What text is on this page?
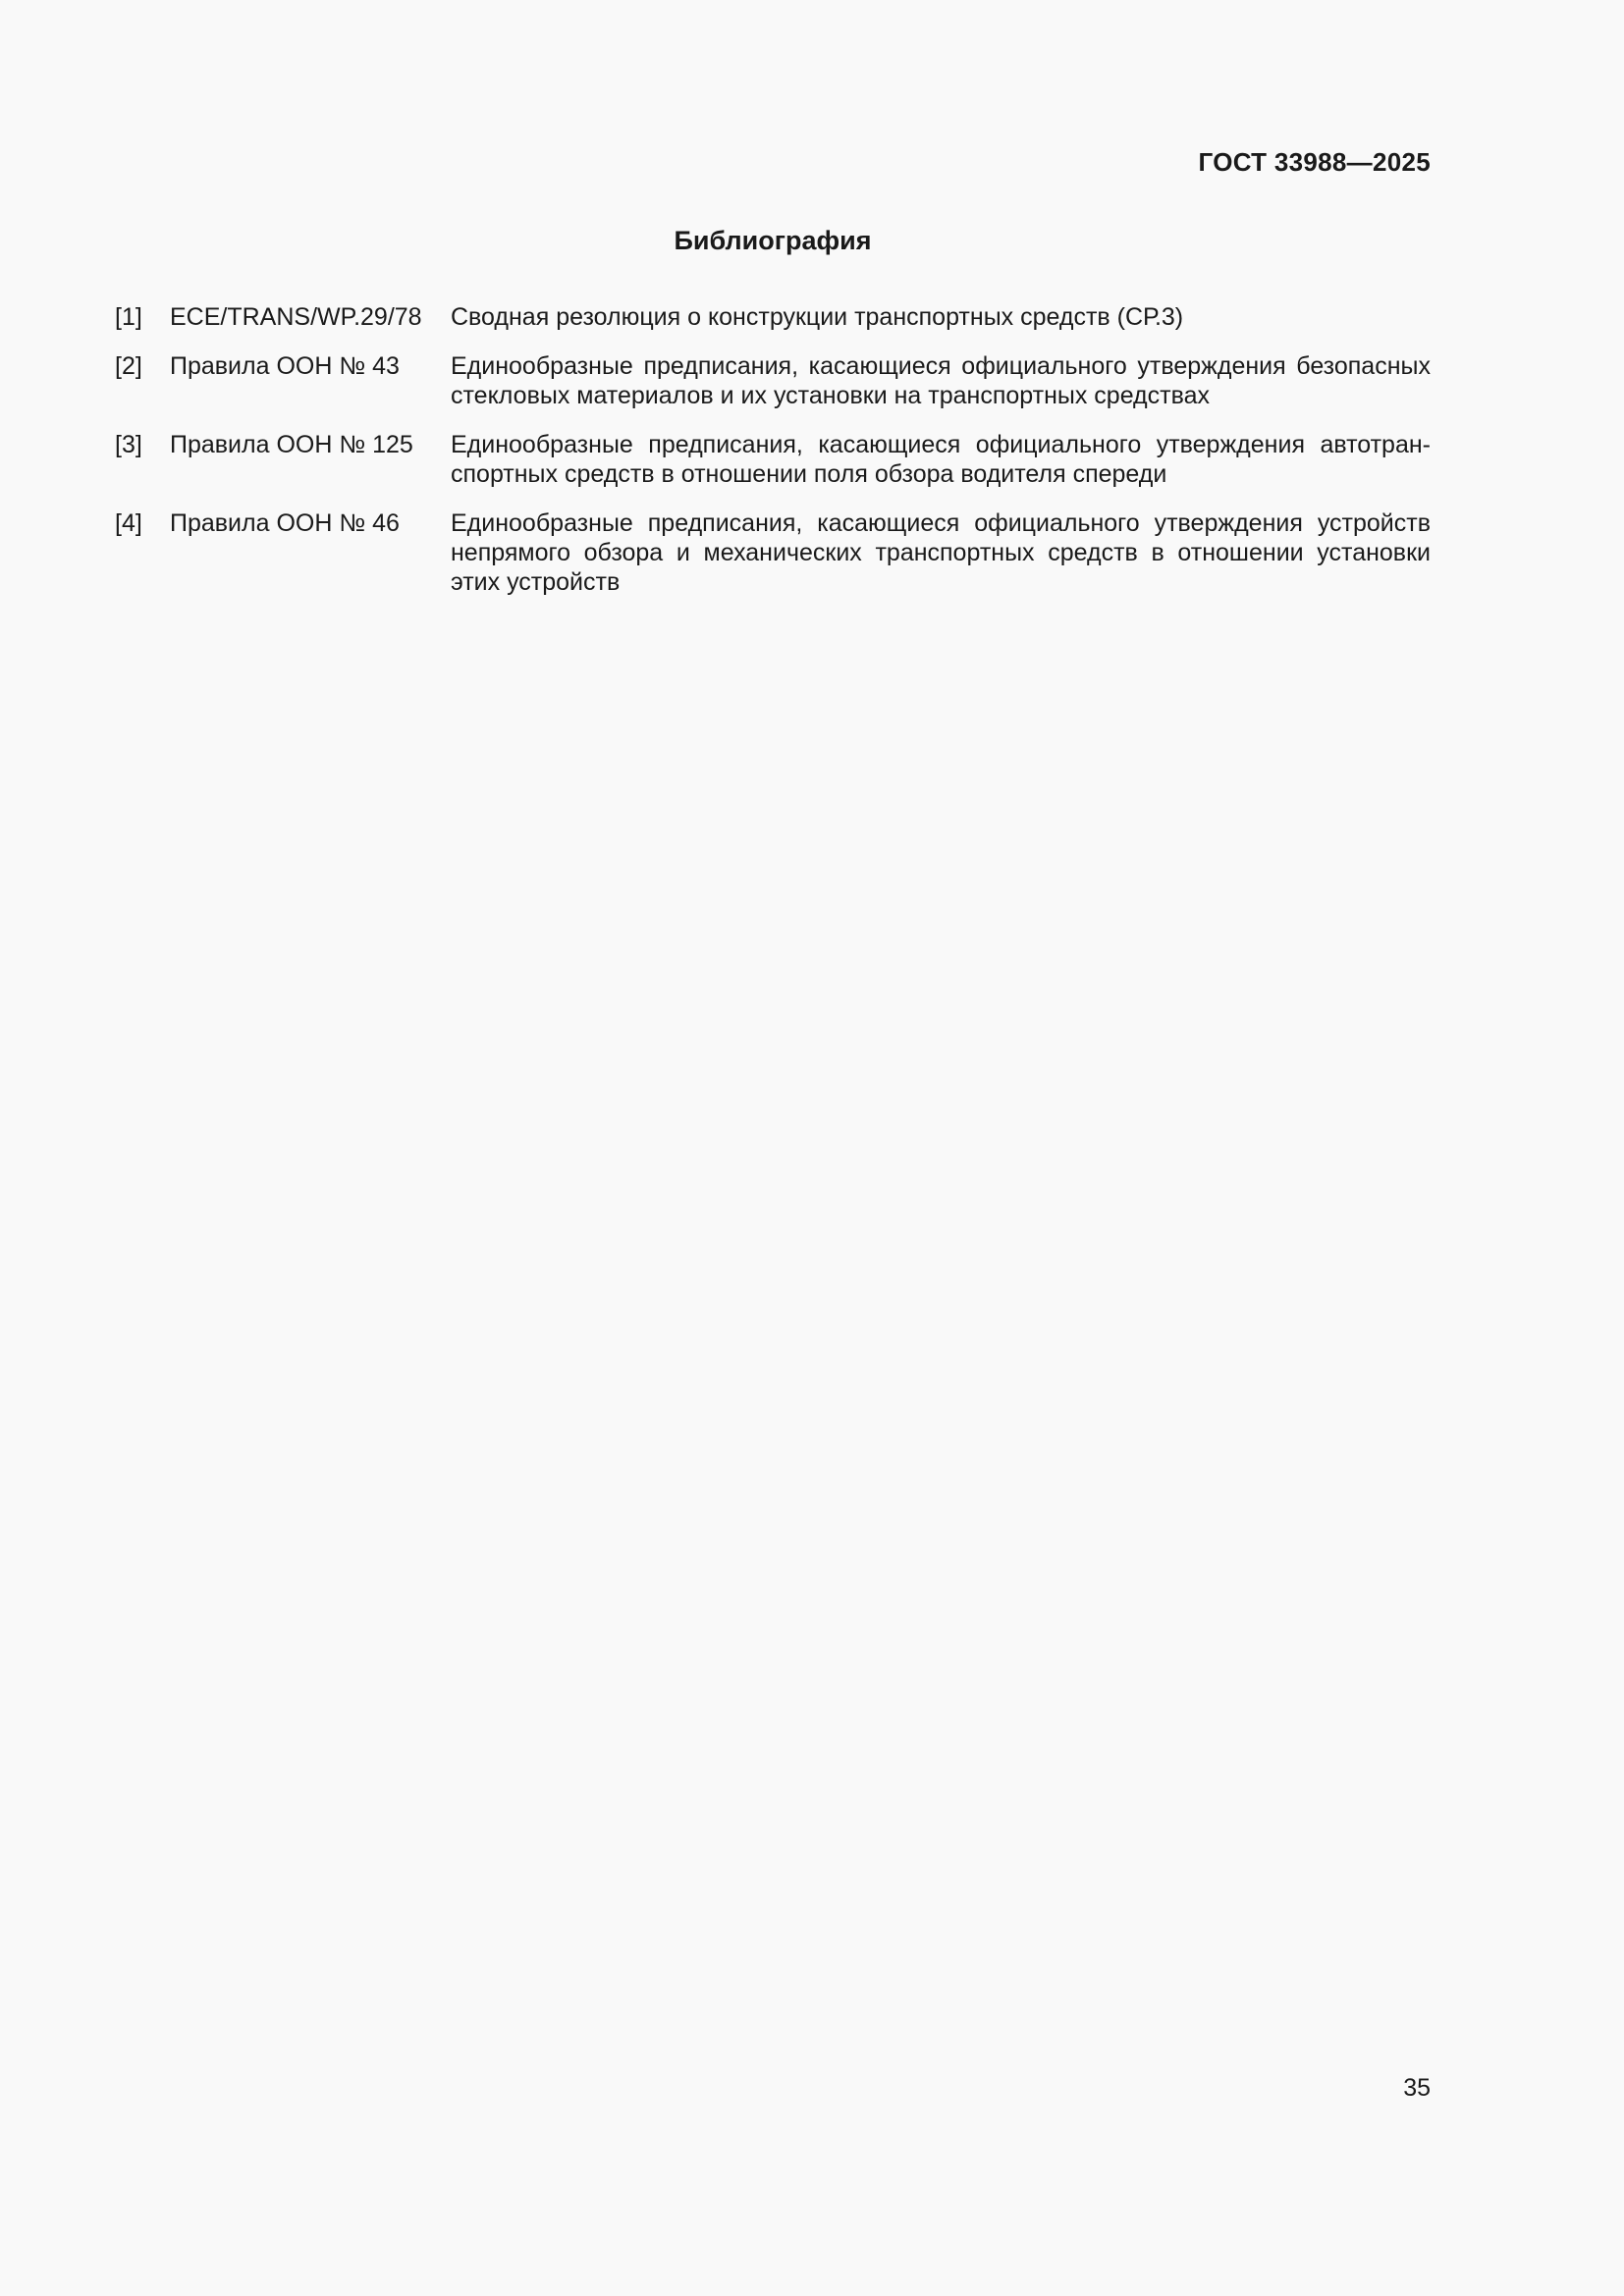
ГОСТ 33988—2025
Библиография
[1]	ECE/TRANS/WP.29/78	Сводная резолюция о конструкции транспортных средств (СР.3)
[2]	Правила ООН № 43	Единообразные предписания, касающиеся официального утверждения безопасных стекловых материалов и их установки на транспортных средствах
[3]	Правила ООН № 125	Единообразные предписания, касающиеся официального утверждения автотранспортных средств в отношении поля обзора водителя спереди
[4]	Правила ООН № 46	Единообразные предписания, касающиеся официального утверждения устройств непрямого обзора и механических транспортных средств в отношении установки этих устройств
35
